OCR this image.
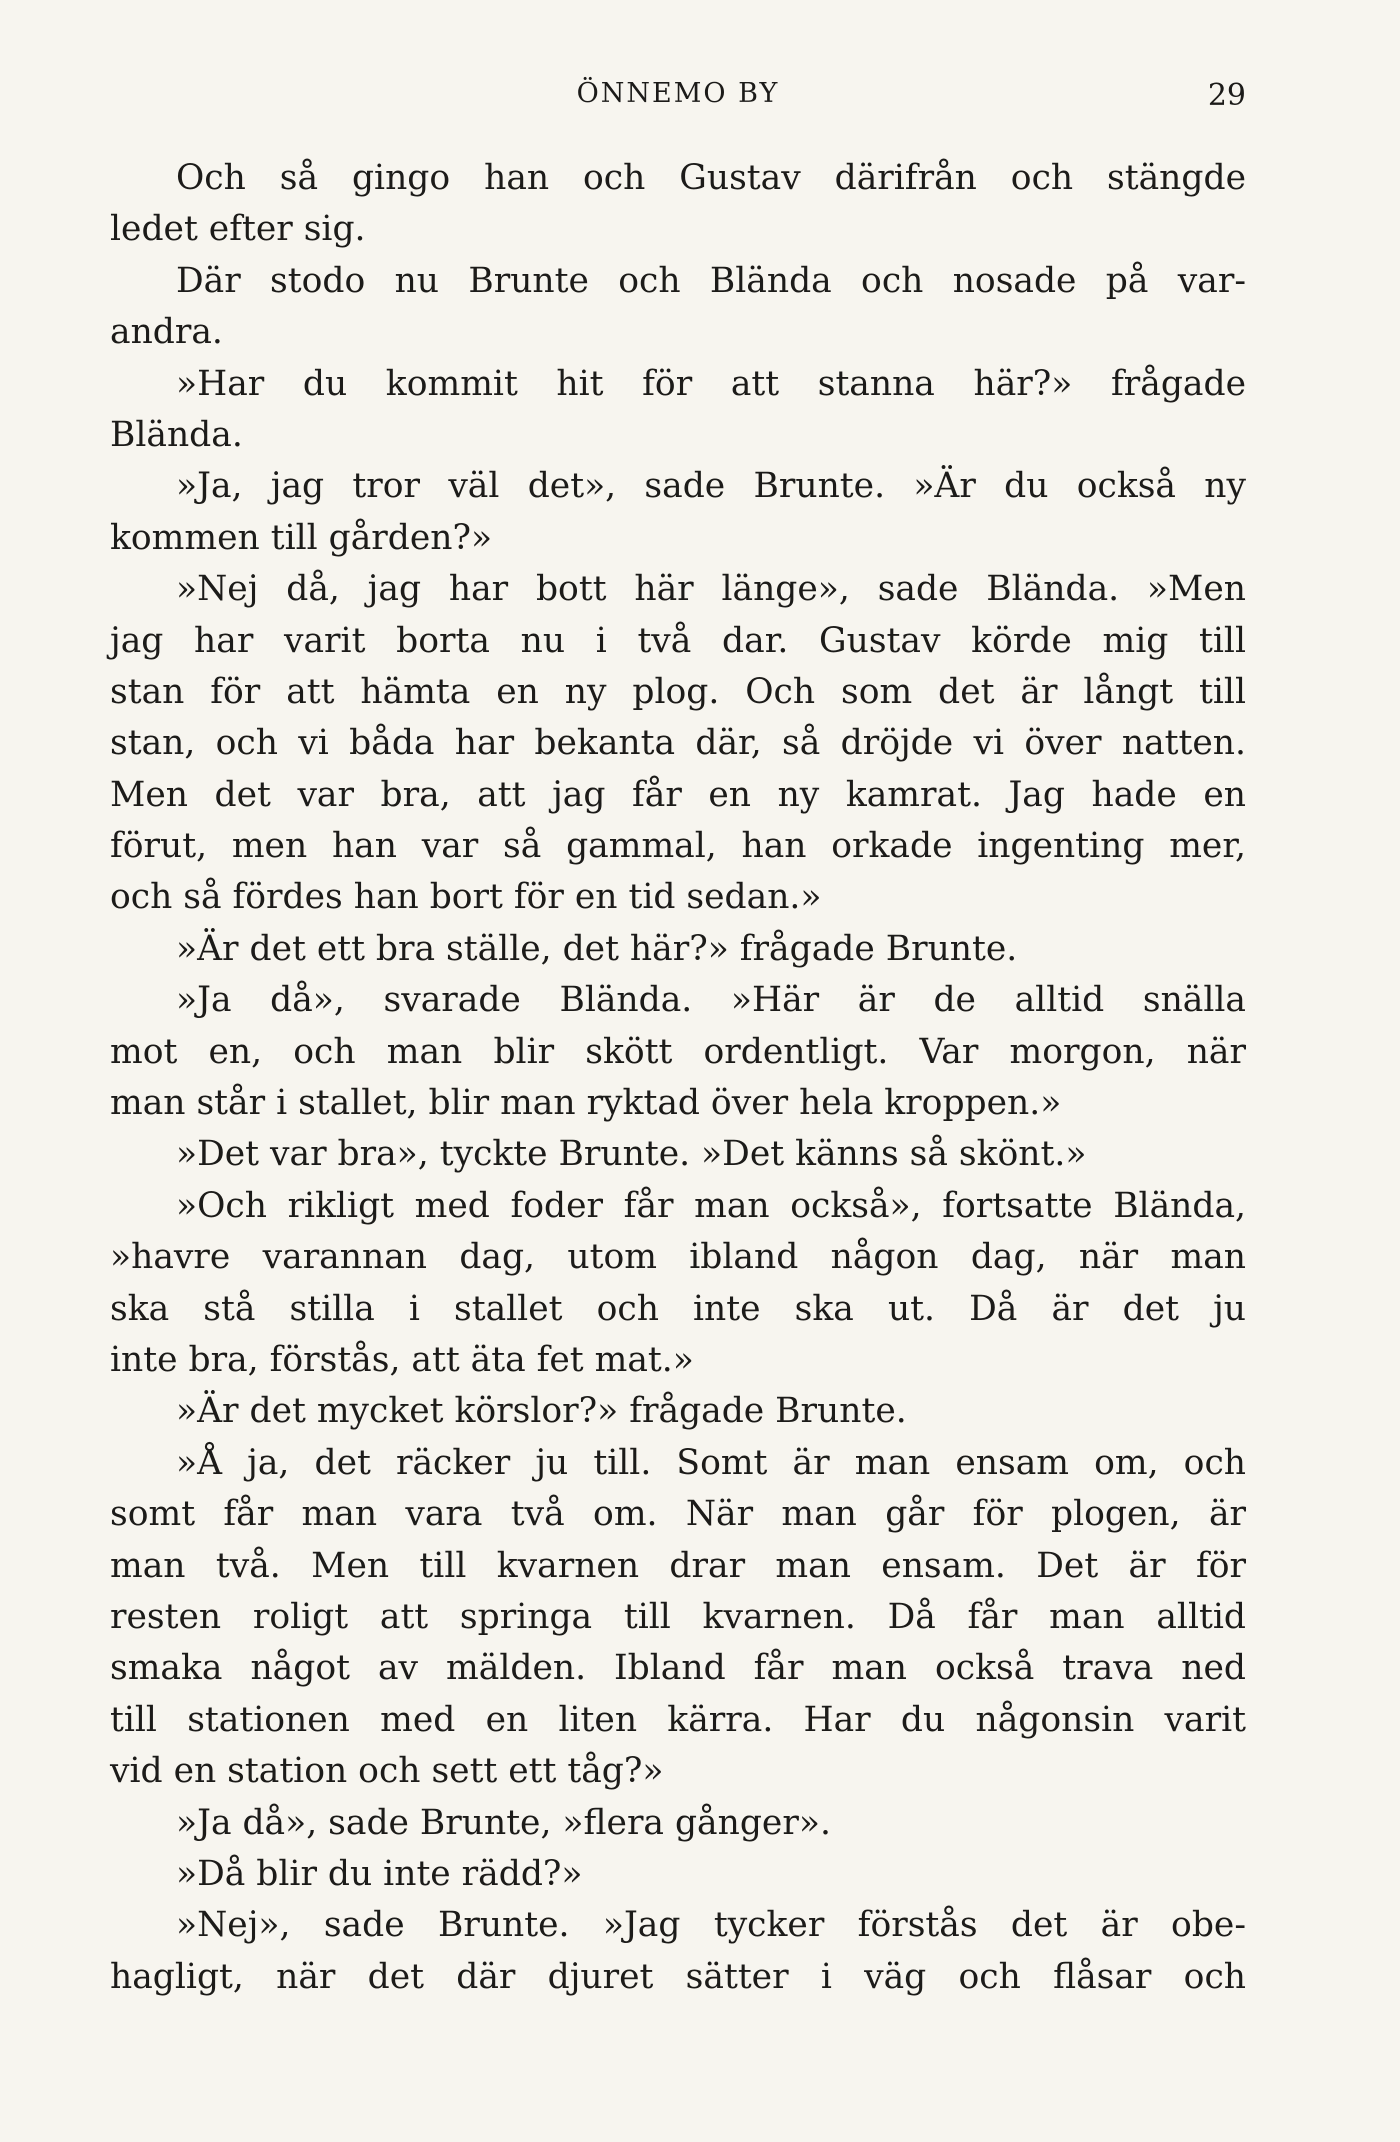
ÖNNEMO BY	29
Och så gingo han och Gustav därifrån och stängde
ledet efter sig.
Där stodo nu Brunte och Blända och nosade på var-
andra.
»Har du kommit hit för att stanna här?» frågade
Blända.
»Ja, jag tror väl det», sade Brunte. »Är du också ny
kommen till gården?»
»Nej då, jag har bott här länge», sade Blända. »Men
jag har varit borta nu i två dar. Gustav körde mig till
stan för att hämta en ny plog. Och som det är långt till
stan, och vi båda har bekanta där, så dröjde vi över natten.
Men det var bra, att jag får en ny kamrat. Jag hade en
förut, men han var så gammal, han orkade ingenting mer,
och så fördes han bort för en tid sedan.»
»Är det ett bra ställe, det här?» frågade Brunte.
»Ja då», svarade Blända. »Här är de alltid snälla
mot en, och man blir skött ordentligt. Var morgon, när
man står i stallet, blir man ryktad över hela kroppen.»
»Det var bra», tyckte Brunte. »Det känns så skönt.»
»Och rikligt med foder får man också», fortsatte Blända,
»havre varannan dag, utom ibland någon dag, när man
ska stå stilla i stallet och inte ska ut. Då är det ju
inte bra, förstås, att äta fet mat.»
»Är det mycket körslor?» frågade Brunte.
»Å ja, det räcker ju till. Somt är man ensam om, och
somt får man vara två om. När man går för plogen, är
man två. Men till kvarnen drar man ensam. Det är för
resten roligt att springa till kvarnen. Då får man alltid
smaka något av mälden. Ibland får man också trava ned
till stationen med en liten kärra. Har du någonsin varit
vid en station och sett ett tåg?»
»Ja då», sade Brunte, »flera gånger».
»Då blir du inte rädd?»
»Nej», sade Brunte. »Jag tycker förstås det är obe-
hagligt, när det där djuret sätter i väg och flåsar och
